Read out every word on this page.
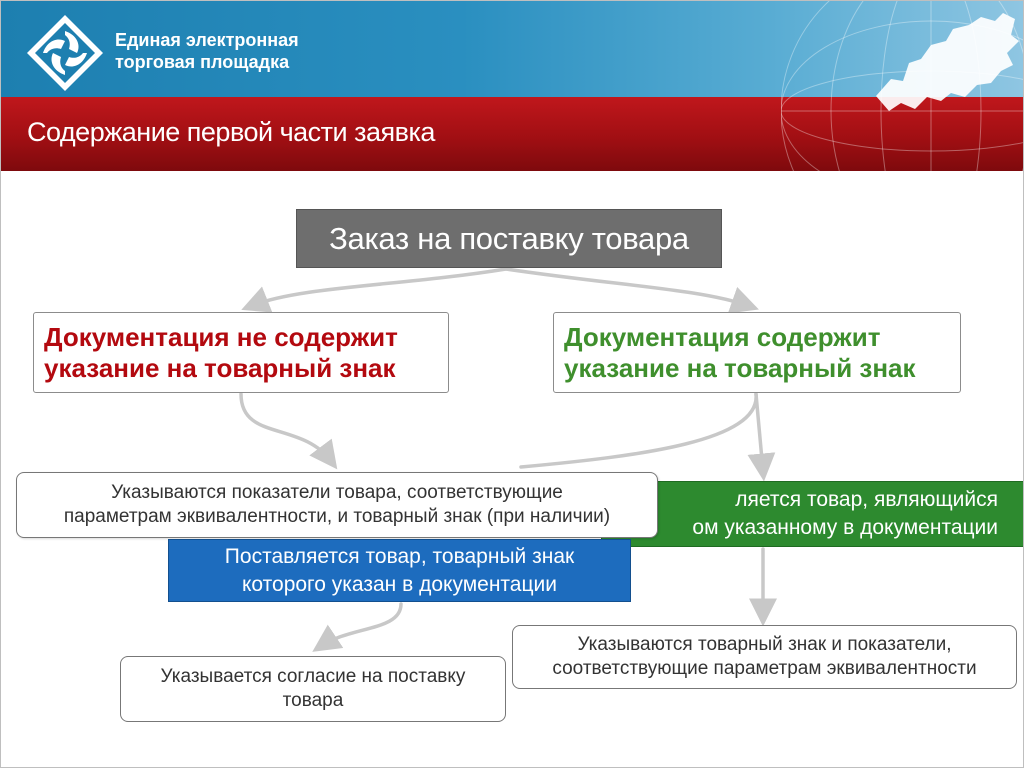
Единая электронная
торговая площадка
Содержание первой части заявка
Заказ на поставку товара
Документация не содержит
указание на товарный знак
Документация содержит
указание на товарный знак
ляется товар, являющийся
ом указанному в документации
Указываются показатели товара, соответствующие
параметрам эквивалентности, и товарный знак (при наличии)
Поставляется товар, товарный знак
которого указан в документации
Указываются товарный знак и показатели,
соответствующие параметрам эквивалентности
Указывается согласие на поставку
товара
